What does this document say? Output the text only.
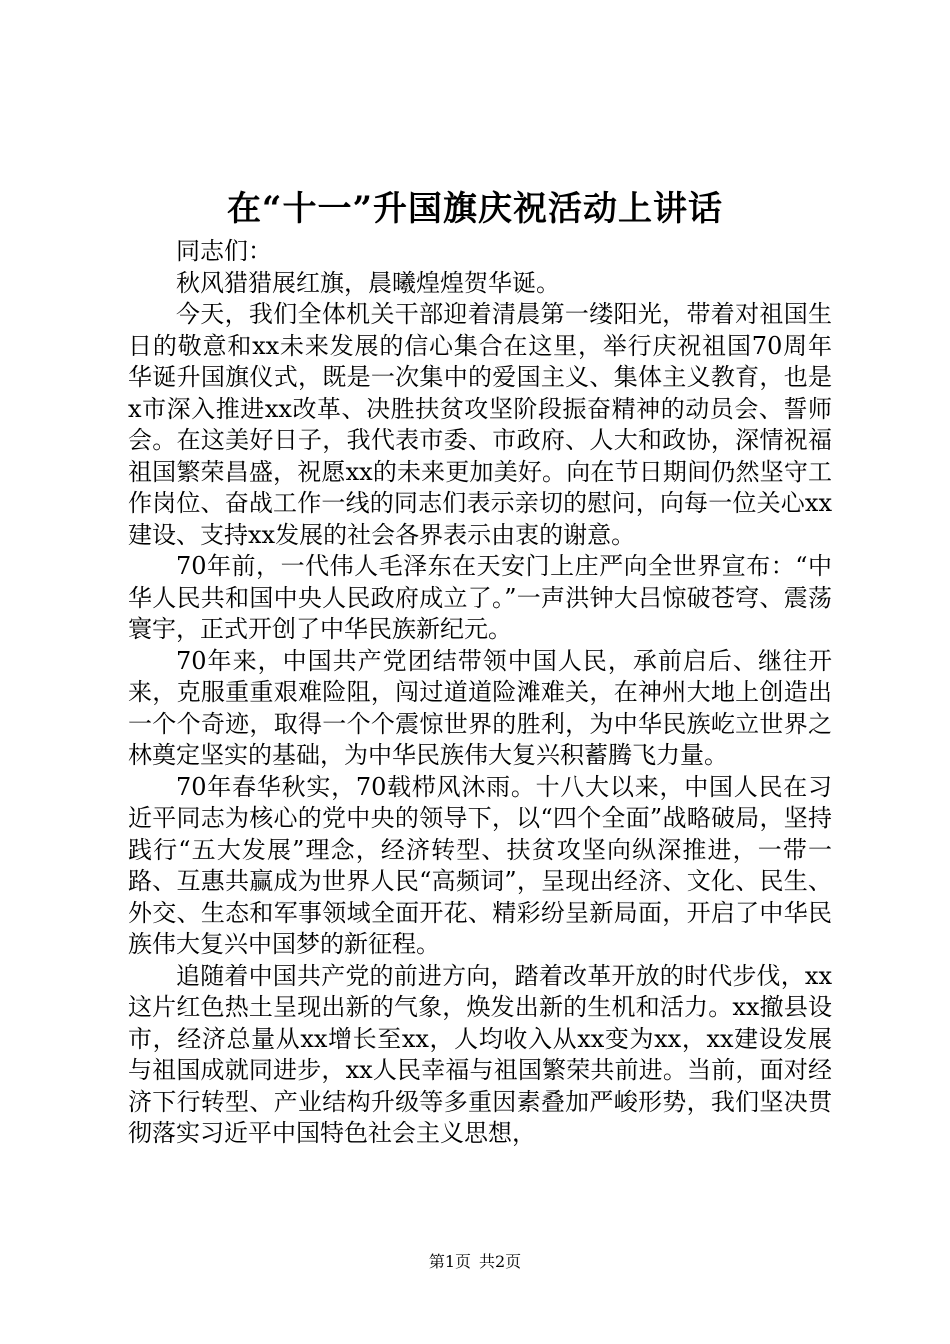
在“十一”升国旗庆祝活动上讲话

同志们：

秋风猎猎展红旗，晨曦煌煌贺华诞。

今天，我们全体机关干部迎着清晨第一缕阳光，带着对祖国生日的敬意和xx未来发展的信心集合在这里，举行庆祝祖国70周年华诞升国旗仪式，既是一次集中的爱国主义、集体主义教育，也是x市深入推进xx改革、决胜扶贫攻坚阶段振奋精神的动员会、誓师会。在这美好日子，我代表市委、市政府、人大和政协，深情祝福祖国繁荣昌盛，祝愿xx的未来更加美好。向在节日期间仍然坚守工作岗位、奋战工作一线的同志们表示亲切的慰问，向每一位关心xx建设、支持xx发展的社会各界表示由衷的谢意。

70年前，一代伟人毛泽东在天安门上庄严向全世界宣布：“中华人民共和国中央人民政府成立了。”一声洪钟大吕惊破苍穹、震荡寰宇，正式开创了中华民族新纪元。

70年来，中国共产党团结带领中国人民，承前启后、继往开来，克服重重艰难险阻，闯过道道险滩难关，在神州大地上创造出一个个奇迹，取得一个个震惊世界的胜利，为中华民族屹立世界之林奠定坚实的基础，为中华民族伟大复兴积蓄腾飞力量。

70年春华秋实，70载栉风沐雨。十八大以来，中国人民在习近平同志为核心的党中央的领导下，以“四个全面”战略破局，坚持践行“五大发展”理念，经济转型、扶贫攻坚向纵深推进，一带一路、互惠共赢成为世界人民“高频词”，呈现出经济、文化、民生、外交、生态和军事领域全面开花、精彩纷呈新局面，开启了中华民族伟大复兴中国梦的新征程。

追随着中国共产党的前进方向，踏着改革开放的时代步伐，xx这片红色热土呈现出新的气象，焕发出新的生机和活力。xx撤县设市，经济总量从xx增长至xx，人均收入从xx变为xx，xx建设发展与祖国成就同进步，xx人民幸福与祖国繁荣共前进。当前，面对经济下行转型、产业结构升级等多重因素叠加严峻形势，我们坚决贯彻落实习近平中国特色社会主义思想，

第1页 共2页
